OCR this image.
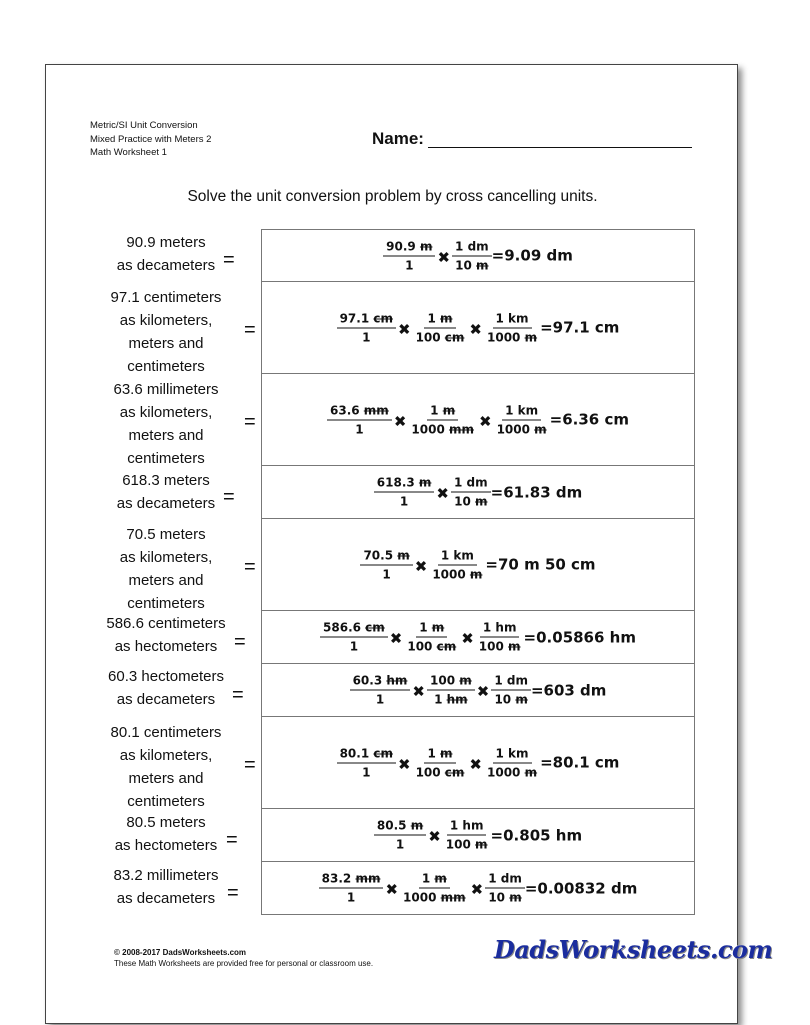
Metric/SI Unit Conversion
Mixed Practice with Meters 2
Math Worksheet 1
Name:
Solve the unit conversion problem by cross cancelling units.
90.9 meters
as decameters =	$\frac{90.9 m}{1}$ ✖ $\frac{1 dm}{10 m} =9.09$ dm
97.1 centimeters
as kilometers,
meters and
centimeters
=	$\frac{97.1 cm}{1}$ ✖ $\frac{1 m}{100 cm}$ ✖ $\frac{1 km}{1000 m} =97.1$ cm
63.6 millimeters
as kilometers,
meters and
centimeters
=	$\frac{63.6 mm}{1}$ ✖ $\frac{1 m}{1000 mm}$ ✖ $\frac{1 km}{1000 m} =6.36$ cm
618.3 meters
as decameters =	$\frac{618.3 m}{1}$ ✖ $\frac{1 dm}{10 m} =61.83$ dm
70.5 meters
as kilometers,
meters and
centimeters
=	$\frac{70.5 m}{1}$ ✖ $\frac{1 km}{1000 m} =70$ m 50 cm
586.6 centimeters
as hectometers =	$\frac{586.6 cm}{1}$ ✖ $\frac{1 m}{100 cm}$ ✖ $\frac{1 hm}{100 m} =0.05866$ hm
60.3 hectometers
as decameters =	$\frac{60.3 hm}{1}$ ✖ $\frac{100 m}{1 hm}$ ✖ $\frac{1 dm}{10 m} =603$ dm
80.1 centimeters
as kilometers,
meters and
centimeters
=	$\frac{80.1 cm}{1}$ ✖ $\frac{1 m}{100 cm}$ ✖ $\frac{1 km}{1000 m} =80.1$ cm
80.5 meters
as hectometers =	$\frac{80.5 m}{1}$ ✖ $\frac{1 hm}{100 m} =0.805$ hm
83.2 millimeters
as decameters =	$\frac{83.2 mm}{1}$ ✖ $\frac{1 m}{1000 mm}$ ✖ $\frac{1 dm}{10 m} =0.00832$ dm
© 2008-2017 DadsWorksheets.com
These Math Worksheets are provided free for personal or classroom use.	DadsWorksheets.com
